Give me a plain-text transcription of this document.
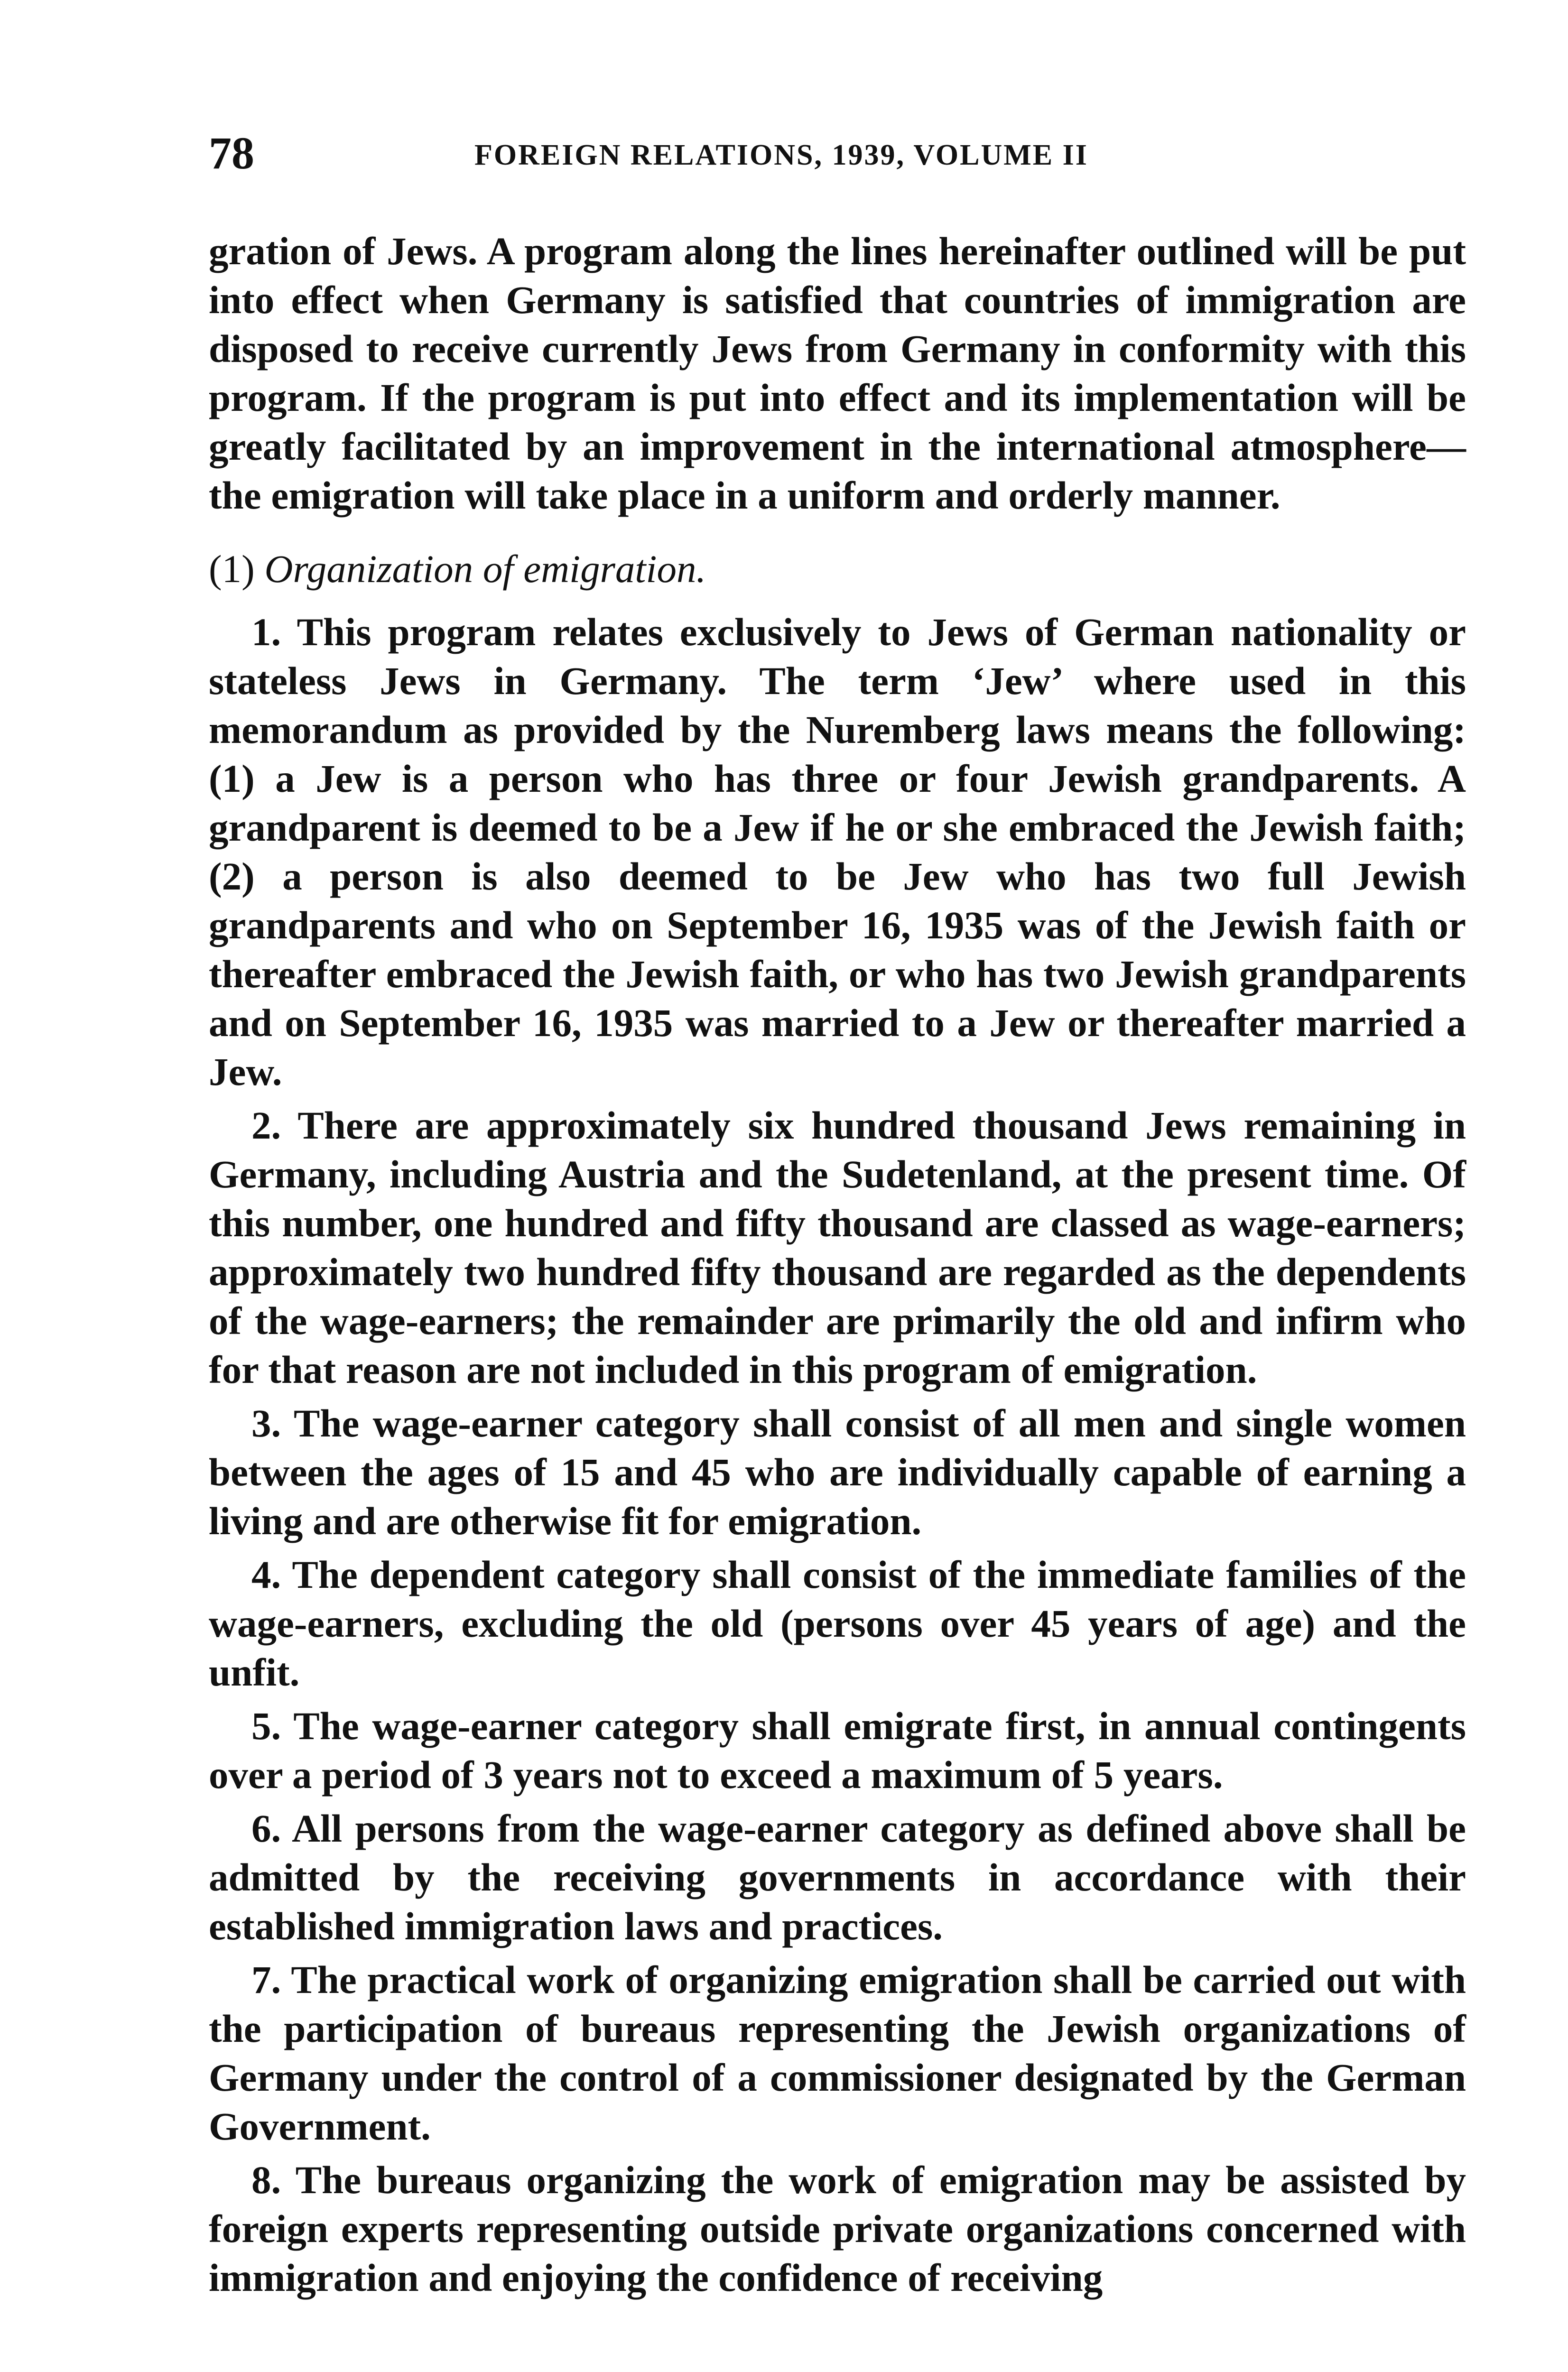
78	FOREIGN RELATIONS, 1939, VOLUME II

gration of Jews. A program along the lines hereinafter outlined will be put into effect when Germany is satisfied that countries of immigration are disposed to receive currently Jews from Germany in conformity with this program. If the program is put into effect and its implementation will be greatly facilitated by an improvement in the international atmosphere—the emigration will take place in a uniform and orderly manner.

(1) Organization of emigration.

1. This program relates exclusively to Jews of German nationality or stateless Jews in Germany. The term ‘Jew’ where used in this memorandum as provided by the Nuremberg laws means the following: (1) a Jew is a person who has three or four Jewish grandparents. A grandparent is deemed to be a Jew if he or she embraced the Jewish faith; (2) a person is also deemed to be Jew who has two full Jewish grandparents and who on September 16, 1935 was of the Jewish faith or thereafter embraced the Jewish faith, or who has two Jewish grandparents and on September 16, 1935 was married to a Jew or thereafter married a Jew.

2. There are approximately six hundred thousand Jews remaining in Germany, including Austria and the Sudetenland, at the present time. Of this number, one hundred and fifty thousand are classed as wage-earners; approximately two hundred fifty thousand are regarded as the dependents of the wage-earners; the remainder are primarily the old and infirm who for that reason are not included in this program of emigration.

3. The wage-earner category shall consist of all men and single women between the ages of 15 and 45 who are individually capable of earning a living and are otherwise fit for emigration.

4. The dependent category shall consist of the immediate families of the wage-earners, excluding the old (persons over 45 years of age) and the unfit.

5. The wage-earner category shall emigrate first, in annual contingents over a period of 3 years not to exceed a maximum of 5 years.

6. All persons from the wage-earner category as defined above shall be admitted by the receiving governments in accordance with their established immigration laws and practices.

7. The practical work of organizing emigration shall be carried out with the participation of bureaus representing the Jewish organizations of Germany under the control of a commissioner designated by the German Government.

8. The bureaus organizing the work of emigration may be assisted by foreign experts representing outside private organizations concerned with immigration and enjoying the confidence of receiving
